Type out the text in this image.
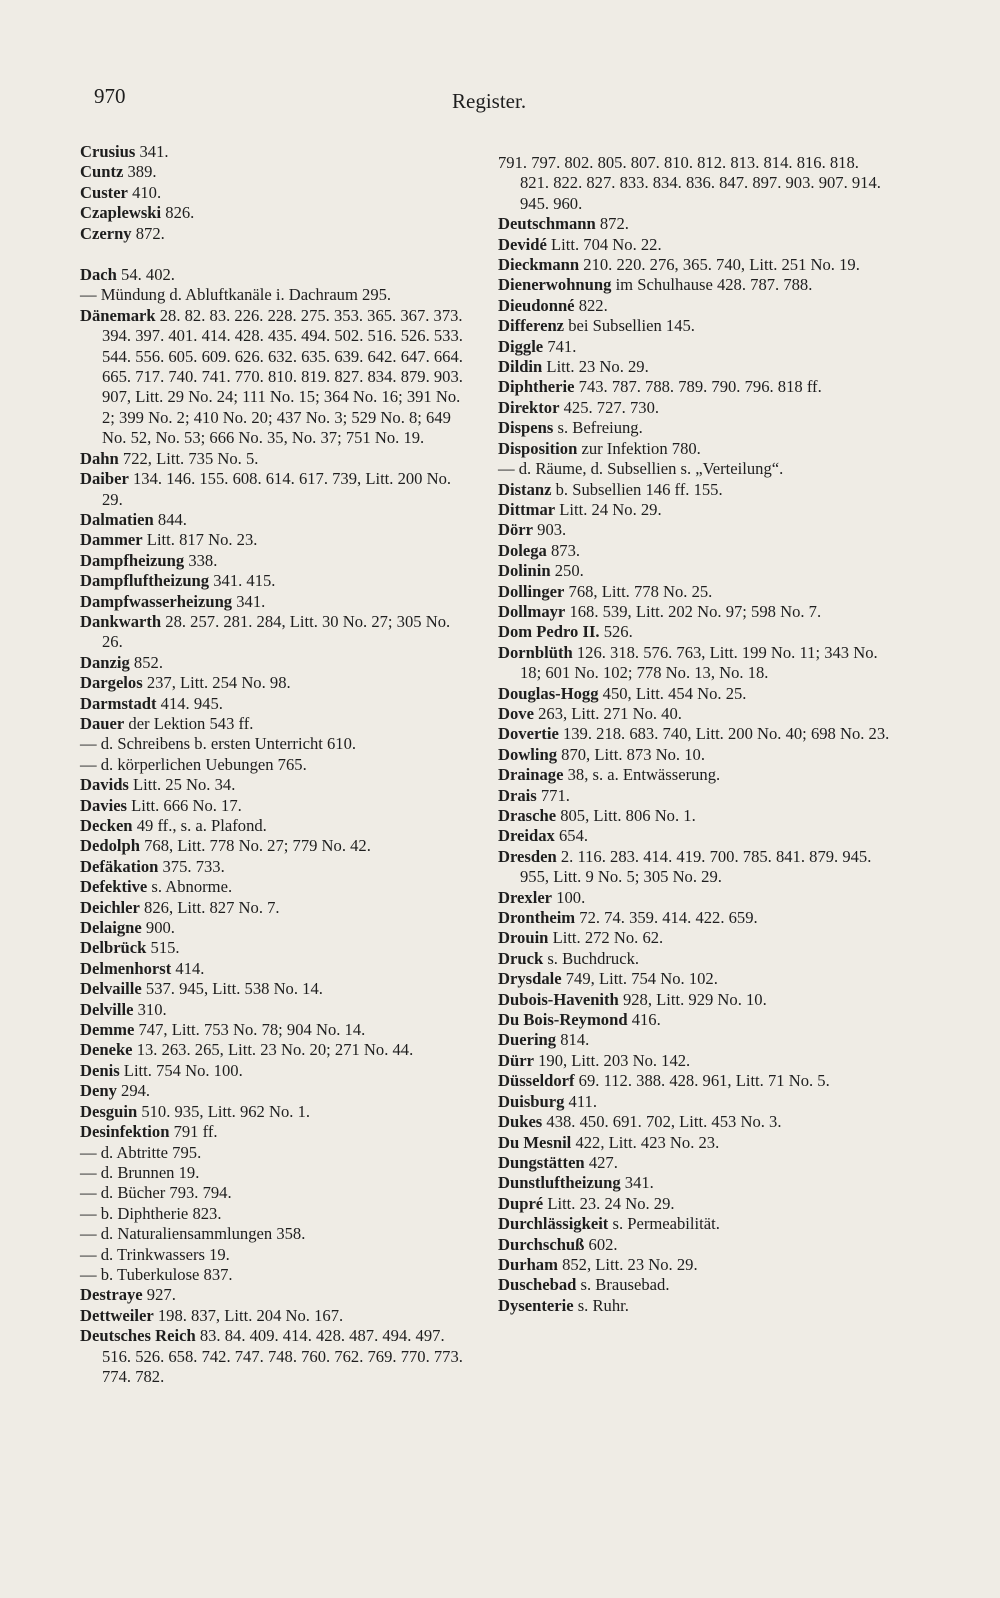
970	Register.
Crusius 341.
Cuntz 389.
Custer 410.
Czaplewski 826.
Czerny 872.
Dach 54. 402.
— Mündung d. Abluftkanäle i. Dachraum 295.
Dänemark 28. 82. 83. 226. 228. 275. 353. 365. 367. 373. 394. 397. 401. 414. 428. 435. 494. 502. 516. 526. 533. 544. 556. 605. 609. 626. 632. 635. 639. 642. 647. 664. 665. 717. 740. 741. 770. 810. 819. 827. 834. 879. 903. 907, Litt. 29 No. 24; 111 No. 15; 364 No. 16; 391 No. 2; 399 No. 2; 410 No. 20; 437 No. 3; 529 No. 8; 649 No. 52, No. 53; 666 No. 35, No. 37; 751 No. 19.
Dahn 722, Litt. 735 No. 5.
Daiber 134. 146. 155. 608. 614. 617. 739, Litt. 200 No. 29.
Dalmatien 844.
Dammer Litt. 817 No. 23.
Dampfheizung 338.
Dampfluftheizung 341. 415.
Dampfwasserheizung 341.
Dankwarth 28. 257. 281. 284, Litt. 30 No. 27; 305 No. 26.
Danzig 852.
Dargelos 237, Litt. 254 No. 98.
Darmstadt 414. 945.
Dauer der Lektion 543 ff.
— d. Schreibens b. ersten Unterricht 610.
— d. körperlichen Uebungen 765.
Davids Litt. 25 No. 34.
Davies Litt. 666 No. 17.
Decken 49 ff., s. a. Plafond.
Dedolph 768, Litt. 778 No. 27; 779 No. 42.
Defäkation 375. 733.
Defektive s. Abnorme.
Deichler 826, Litt. 827 No. 7.
Delaigne 900.
Delbrück 515.
Delmenhorst 414.
Delvaille 537. 945, Litt. 538 No. 14.
Delville 310.
Demme 747, Litt. 753 No. 78; 904 No. 14.
Deneke 13. 263. 265, Litt. 23 No. 20; 271 No. 44.
Denis Litt. 754 No. 100.
Deny 294.
Desguin 510. 935, Litt. 962 No. 1.
Desinfektion 791 ff.
— d. Abtritte 795.
— d. Brunnen 19.
— d. Bücher 793. 794.
— b. Diphtherie 823.
— d. Naturaliensammlungen 358.
— d. Trinkwassers 19.
— b. Tuberkulose 837.
Destraye 927.
Dettweiler 198. 837, Litt. 204 No. 167.
Deutsches Reich 83. 84. 409. 414. 428. 487. 494. 497. 516. 526. 658. 742. 747. 748. 760. 762. 769. 770. 773. 774. 782.
791. 797. 802. 805. 807. 810. 812. 813. 814. 816. 818. 821. 822. 827. 833. 834. 836. 847. 897. 903. 907. 914. 945. 960.
Deutschmann 872.
Devidé Litt. 704 No. 22.
Dieckmann 210. 220. 276, 365. 740, Litt. 251 No. 19.
Dienerwohnung im Schulhause 428. 787. 788.
Dieudonné 822.
Differenz bei Subsellien 145.
Diggle 741.
Dildin Litt. 23 No. 29.
Diphtherie 743. 787. 788. 789. 790. 796. 818 ff.
Direktor 425. 727. 730.
Dispens s. Befreiung.
Disposition zur Infektion 780.
— d. Räume, d. Subsellien s. „Verteilung“.
Distanz b. Subsellien 146 ff. 155.
Dittmar Litt. 24 No. 29.
Dörr 903.
Dolega 873.
Dolinin 250.
Dollinger 768, Litt. 778 No. 25.
Dollmayr 168. 539, Litt. 202 No. 97; 598 No. 7.
Dom Pedro II. 526.
Dornblüth 126. 318. 576. 763, Litt. 199 No. 11; 343 No. 18; 601 No. 102; 778 No. 13, No. 18.
Douglas-Hogg 450, Litt. 454 No. 25.
Dove 263, Litt. 271 No. 40.
Dovertie 139. 218. 683. 740, Litt. 200 No. 40; 698 No. 23.
Dowling 870, Litt. 873 No. 10.
Drainage 38, s. a. Entwässerung.
Drais 771.
Drasche 805, Litt. 806 No. 1.
Dreidax 654.
Dresden 2. 116. 283. 414. 419. 700. 785. 841. 879. 945. 955, Litt. 9 No. 5; 305 No. 29.
Drexler 100.
Drontheim 72. 74. 359. 414. 422. 659.
Drouin Litt. 272 No. 62.
Druck s. Buchdruck.
Drysdale 749, Litt. 754 No. 102.
Dubois-Havenith 928, Litt. 929 No. 10.
Du Bois-Reymond 416.
Duering 814.
Dürr 190, Litt. 203 No. 142.
Düsseldorf 69. 112. 388. 428. 961, Litt. 71 No. 5.
Duisburg 411.
Dukes 438. 450. 691. 702, Litt. 453 No. 3.
Du Mesnil 422, Litt. 423 No. 23.
Dungstätten 427.
Dunstluftheizung 341.
Dupré Litt. 23. 24 No. 29.
Durchlässigkeit s. Permeabilität.
Durchschuß 602.
Durham 852, Litt. 23 No. 29.
Duschebad s. Brausebad.
Dysenterie s. Ruhr.
